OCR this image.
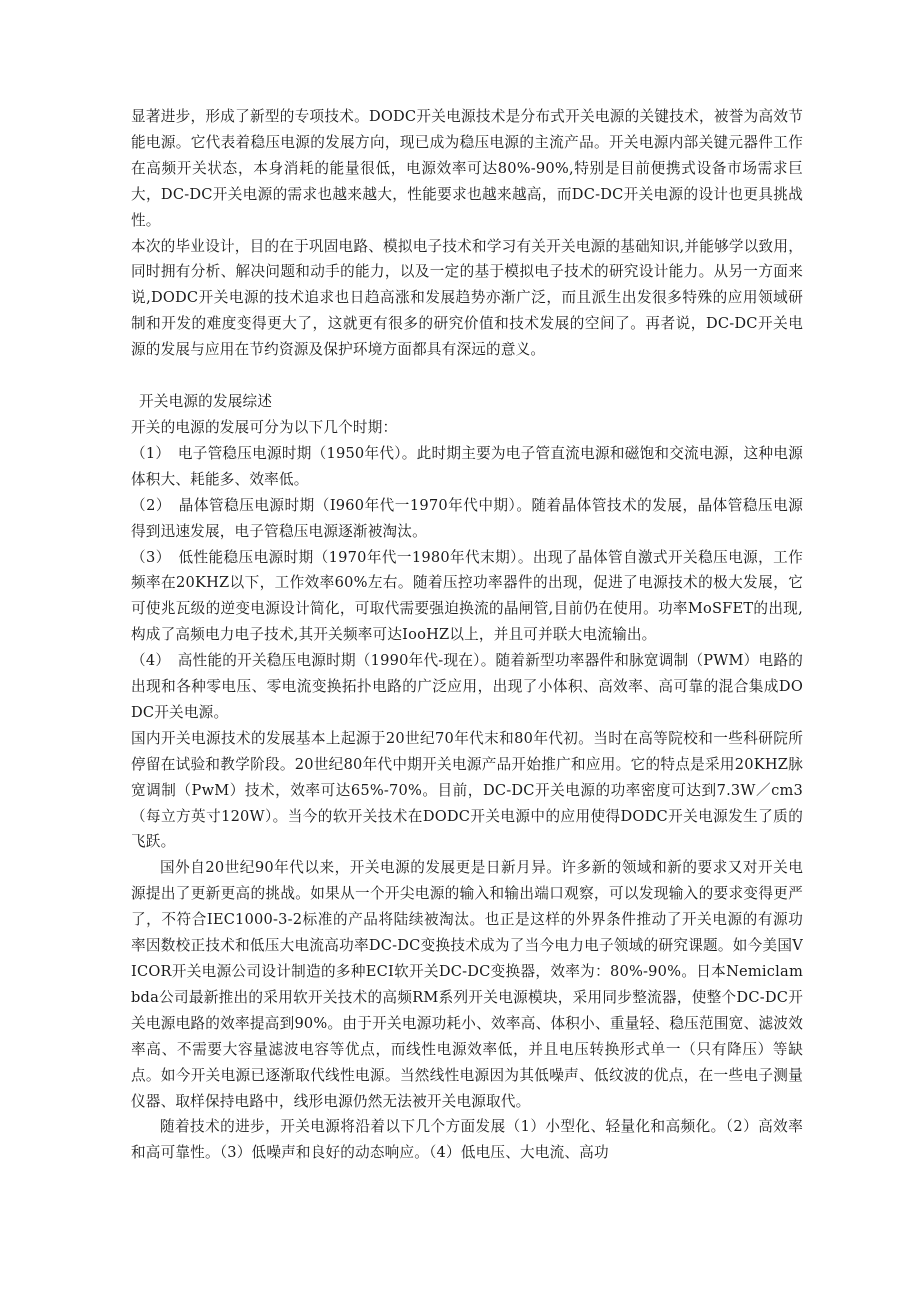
显著进步，形成了新型的专项技术。DODC开关电源技术是分布式开关电源的关键技术，被誉为高效节能电源。它代表着稳压电源的发展方向，现已成为稳压电源的主流产品。开关电源内部关键元器件工作在高频开关状态，本身消耗的能量很低，电源效率可达80%-90%,特别是目前便携式设备市场需求巨大，DC-DC开关电源的需求也越来越大，性能要求也越来越高，而DC-DC开关电源的设计也更具挑战性。

本次的毕业设计，目的在于巩固电路、模拟电子技术和学习有关开关电源的基础知识,并能够学以致用，同时拥有分析、解决问题和动手的能力，以及一定的基于模拟电子技术的研究设计能力。从另一方面来说,DODC开关电源的技术追求也日趋高涨和发展趋势亦渐广泛，而且派生出发很多特殊的应用领域研制和开发的难度变得更大了，这就更有很多的研究价值和技术发展的空间了。再者说，DC-DC开关电源的发展与应用在节约资源及保护环境方面都具有深远的意义。

开关电源的发展综述

开关的电源的发展可分为以下几个时期：

（1）　电子管稳压电源时期（1950年代）。此时期主要为电子管直流电源和磁饱和交流电源，这种电源体积大、耗能多、效率低。

（2）　晶体管稳压电源时期（I960年代一1970年代中期）。随着晶体管技术的发展，晶体管稳压电源得到迅速发展，电子管稳压电源逐渐被淘汰。

（3）　低性能稳压电源时期（1970年代一1980年代末期）。出现了晶体管自激式开关稳压电源，工作频率在20KHZ以下，工作效率60%左右。随着压控功率器件的出现，促进了电源技术的极大发展，它可使兆瓦级的逆变电源设计简化，可取代需要强迫换流的晶闸管,目前仍在使用。功率MoSFET的出现,构成了高频电力电子技术,其开关频率可达IooHZ以上，并且可并联大电流输出。

（4）　高性能的开关稳压电源时期（1990年代-现在）。随着新型功率器件和脉宽调制（PWM）电路的出现和各种零电压、零电流变换拓扑电路的广泛应用，出现了小体积、高效率、高可靠的混合集成DODC开关电源。

国内开关电源技术的发展基本上起源于20世纪70年代末和80年代初。当时在高等院校和一些科研院所停留在试验和教学阶段。20世纪80年代中期开关电源产品开始推广和应用。它的特点是采用20KHZ脉宽调制（PwM）技术，效率可达65%-70%。目前，DC-DC开关电源的功率密度可达到7.3W／cm3（每立方英寸120W）。当今的软开关技术在DODC开关电源中的应用使得DODC开关电源发生了质的飞跃。

国外自20世纪90年代以来，开关电源的发展更是日新月异。许多新的领域和新的要求又对开关电源提出了更新更高的挑战。如果从一个开尖电源的输入和输出端口观察，可以发现输入的要求变得更严了，不符合IEC1000-3-2标准的产品将陆续被淘汰。也正是这样的外界条件推动了开关电源的有源功率因数校正技术和低压大电流高功率DC-DC变换技术成为了当今电力电子领域的研究课题。如今美国VICOR开关电源公司设计制造的多种ECI软开关DC-DC变换器，效率为：80%-90%。日本Nemiclambda公司最新推出的采用软开关技术的高频RM系列开关电源模块，采用同步整流器，使整个DC-DC开关电源电路的效率提高到90%。由于开关电源功耗小、效率高、体积小、重量轻、稳压范围宽、滤波效率高、不需要大容量滤波电容等优点，而线性电源效率低，并且电压转换形式单一（只有降压）等缺点。如今开关电源已逐渐取代线性电源。当然线性电源因为其低噪声、低纹波的优点，在一些电子测量仪器、取样保持电路中，线形电源仍然无法被开关电源取代。

随着技术的进步，开关电源将沿着以下几个方面发展（1）小型化、轻量化和高频化。（2）高效率和高可靠性。（3）低噪声和良好的动态响应。（4）低电压、大电流、高功
